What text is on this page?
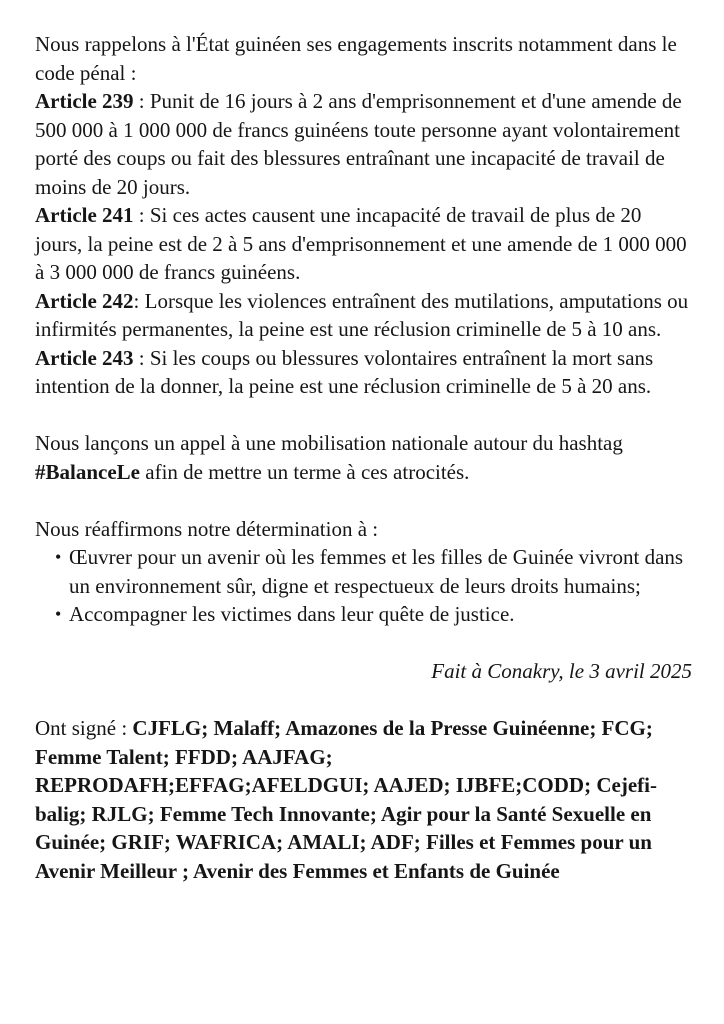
Nous rappelons à l'État guinéen ses engagements inscrits notamment dans le code pénal :

Article 239 : Punit de 16 jours à 2 ans d'emprisonnement et d'une amende de 500 000 à 1 000 000 de francs guinéens toute personne ayant volontairement porté des coups ou fait des blessures entraînant une incapacité de travail de moins de 20 jours.

Article 241 : Si ces actes causent une incapacité de travail de plus de 20 jours, la peine est de 2 à 5 ans d'emprisonnement et une amende de 1 000 000 à 3 000 000 de francs guinéens.

Article 242: Lorsque les violences entraînent des mutilations, amputations ou infirmités permanentes, la peine est une réclusion criminelle de 5 à 10 ans.

Article 243 : Si les coups ou blessures volontaires entraînent la mort sans intention de la donner, la peine est une réclusion criminelle de 5 à 20 ans.

Nous lançons un appel à une mobilisation nationale autour du hashtag #BalanceLe afin de mettre un terme à ces atrocités.

Nous réaffirmons notre détermination à :

• Œuvrer pour un avenir où les femmes et les filles de Guinée vivront dans un environnement sûr, digne et respectueux de leurs droits humains;
• Accompagner les victimes dans leur quête de justice.

Fait à Conakry, le 3 avril 2025

Ont signé : CJFLG; Malaff; Amazones de la Presse Guinéenne; FCG; Femme Talent; FFDD; AAJFAG;
REPRODAFH;EFFAG;AFELDGUI; AAJED; IJBFE;CODD; Cejefi-balig; RJLG; Femme Tech Innovante; Agir pour la Santé Sexuelle en Guinée; GRIF; WAFRICA; AMALI; ADF; Filles et Femmes pour un Avenir Meilleur ; Avenir des Femmes et Enfants de Guinée
